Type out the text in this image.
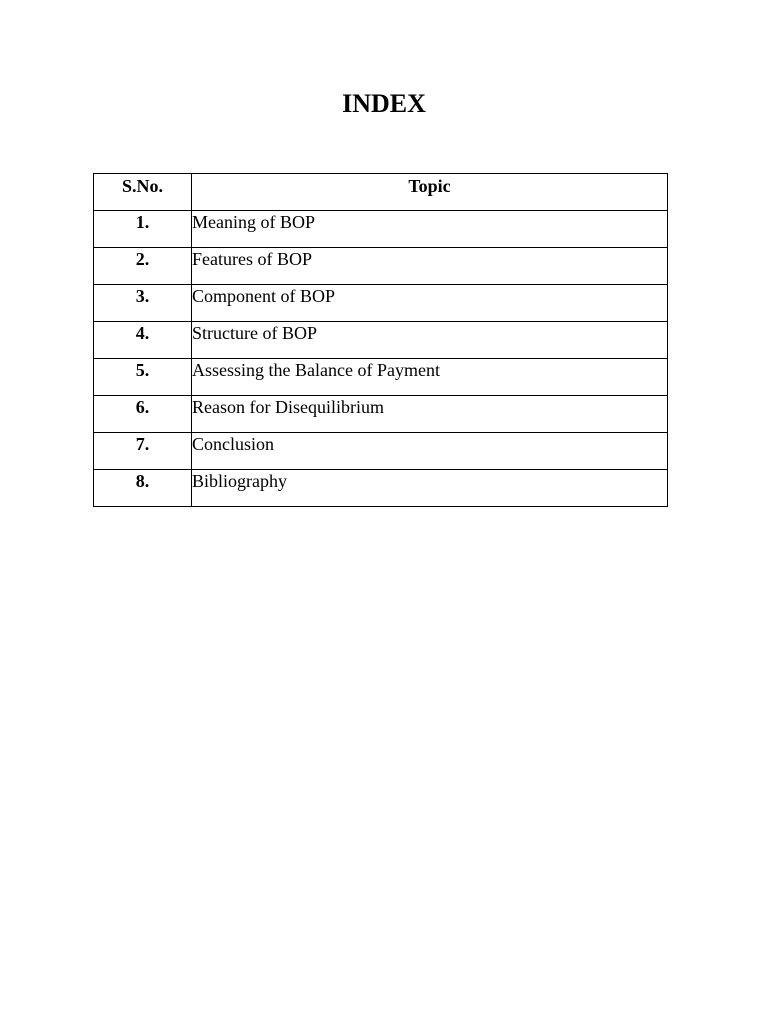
INDEX
S.No.	Topic
1.	Meaning of BOP
2.	Features of BOP
3.	Component of BOP
4.	Structure of BOP
5.	Assessing the Balance of Payment
6.	Reason for Disequilibrium
7.	Conclusion
8.	Bibliography
